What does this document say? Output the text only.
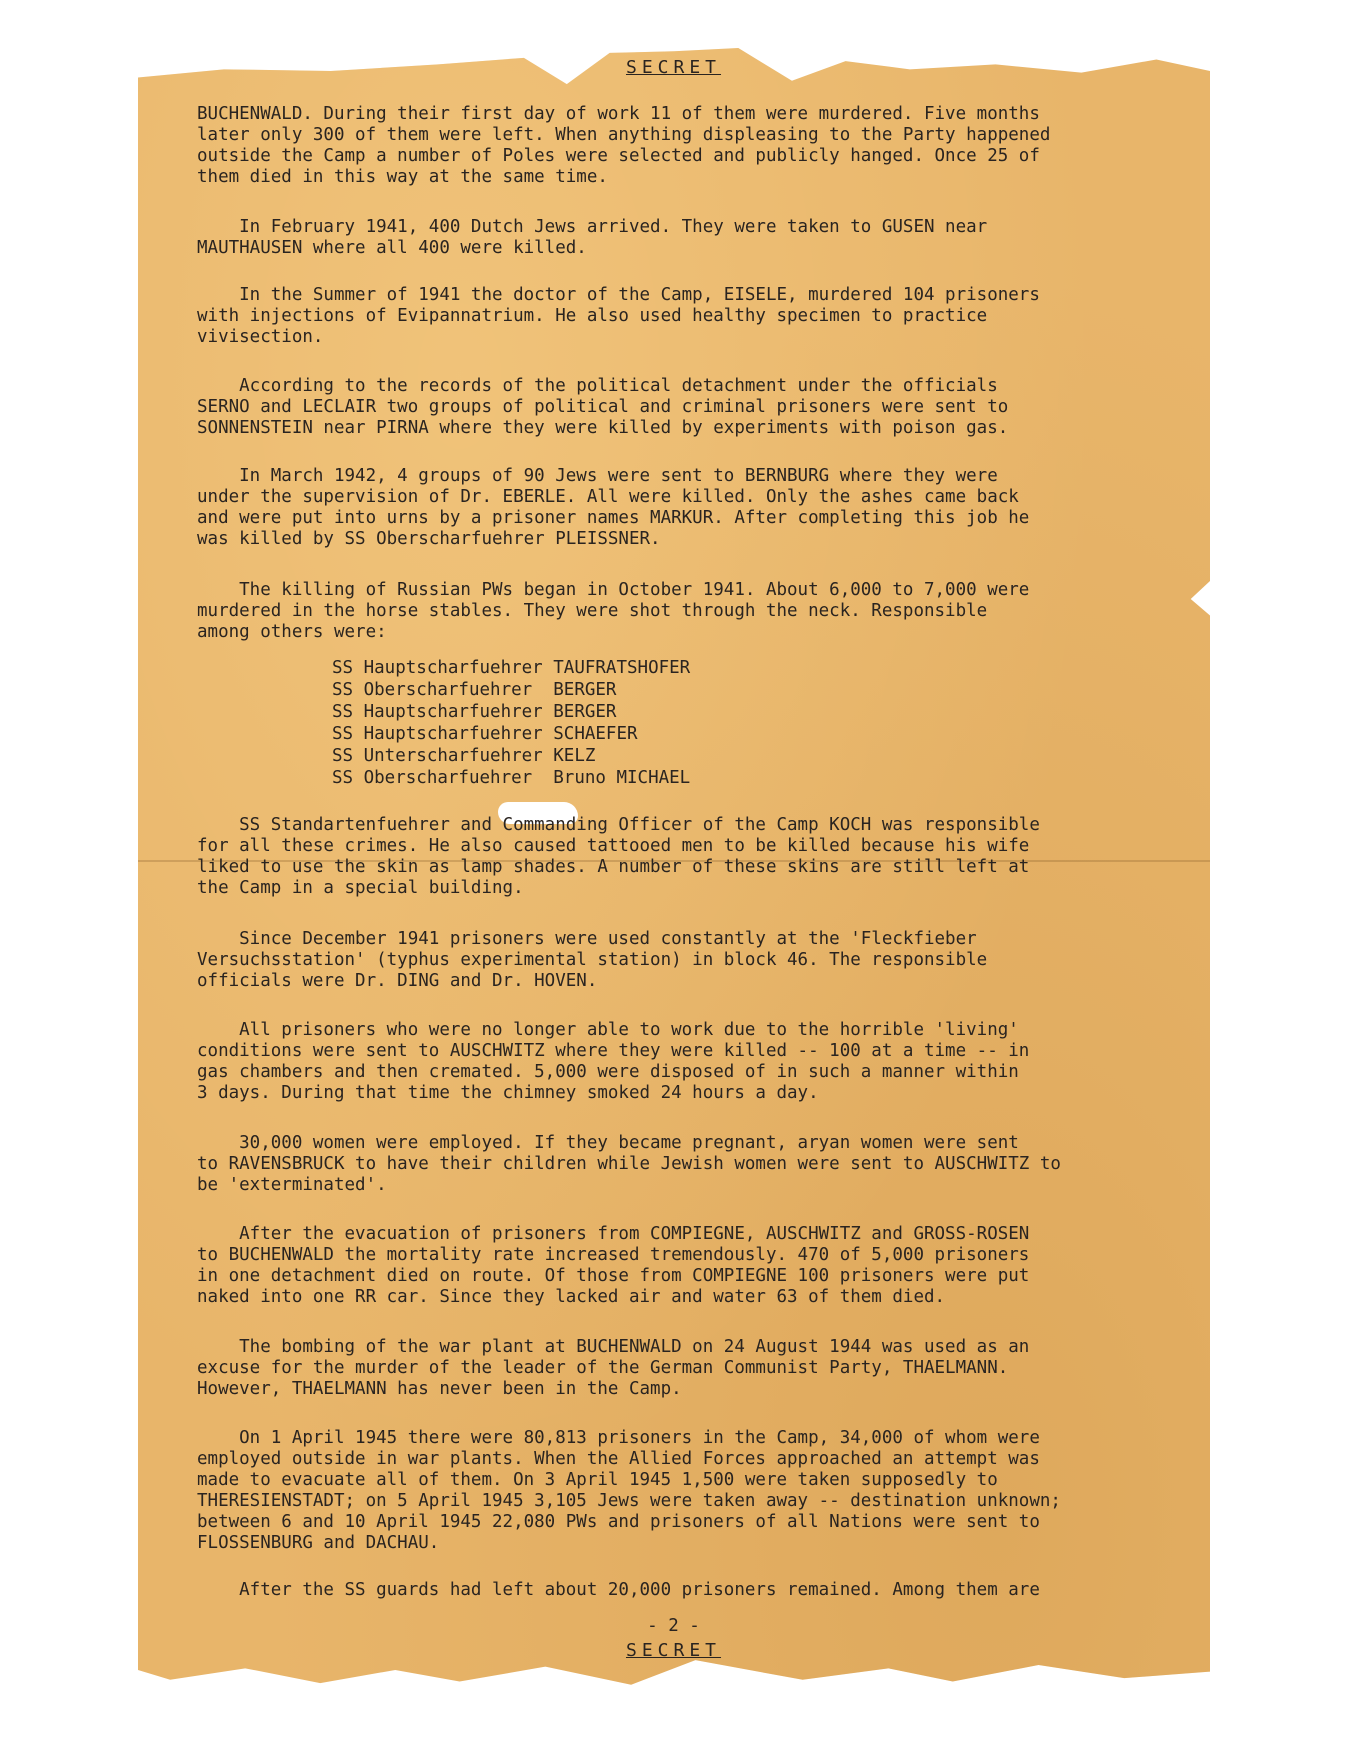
SECRET
BUCHENWALD. During their first day of work 11 of them were murdered. Five months
later only 300 of them were left. When anything displeasing to the Party happened
outside the Camp a number of Poles were selected and publicly hanged. Once 25 of
them died in this way at the same time.
In February 1941, 400 Dutch Jews arrived. They were taken to GUSEN near
MAUTHAUSEN where all 400 were killed.
In the Summer of 1941 the doctor of the Camp, EISELE, murdered 104 prisoners
with injections of Evipannatrium. He also used healthy specimen to practice
vivisection.
According to the records of the political detachment under the officials
SERNO and LECLAIR two groups of political and criminal prisoners were sent to
SONNENSTEIN near PIRNA where they were killed by experiments with poison gas.
In March 1942, 4 groups of 90 Jews were sent to BERNBURG where they were
under the supervision of Dr. EBERLE. All were killed. Only the ashes came back
and were put into urns by a prisoner names MARKUR. After completing this job he
was killed by SS Oberscharfuehrer PLEISSNER.
The killing of Russian PWs began in October 1941. About 6,000 to 7,000 were
murdered in the horse stables. They were shot through the neck. Responsible
among others were:
SS Hauptscharfuehrer TAUFRATSHOFER
SS Oberscharfuehrer  BERGER
SS Hauptscharfuehrer BERGER
SS Hauptscharfuehrer SCHAEFER
SS Unterscharfuehrer KELZ
SS Oberscharfuehrer  Bruno MICHAEL
SS Standartenfuehrer and Commanding Officer of the Camp KOCH was responsible
for all these crimes. He also caused tattooed men to be killed because his wife
liked to use the skin as lamp shades. A number of these skins are still left at
the Camp in a special building.
Since December 1941 prisoners were used constantly at the 'Fleckfieber
Versuchsstation' (typhus experimental station) in block 46. The responsible
officials were Dr. DING and Dr. HOVEN.
All prisoners who were no longer able to work due to the horrible 'living'
conditions were sent to AUSCHWITZ where they were killed -- 100 at a time -- in
gas chambers and then cremated. 5,000 were disposed of in such a manner within
3 days. During that time the chimney smoked 24 hours a day.
30,000 women were employed. If they became pregnant, aryan women were sent
to RAVENSBRUCK to have their children while Jewish women were sent to AUSCHWITZ to
be 'exterminated'.
After the evacuation of prisoners from COMPIEGNE, AUSCHWITZ and GROSS-ROSEN
to BUCHENWALD the mortality rate increased tremendously. 470 of 5,000 prisoners
in one detachment died on route. Of those from COMPIEGNE 100 prisoners were put
naked into one RR car. Since they lacked air and water 63 of them died.
The bombing of the war plant at BUCHENWALD on 24 August 1944 was used as an
excuse for the murder of the leader of the German Communist Party, THAELMANN.
However, THAELMANN has never been in the Camp.
On 1 April 1945 there were 80,813 prisoners in the Camp, 34,000 of whom were
employed outside in war plants. When the Allied Forces approached an attempt was
made to evacuate all of them. On 3 April 1945 1,500 were taken supposedly to
THERESIENSTADT; on 5 April 1945 3,105 Jews were taken away -- destination unknown;
between 6 and 10 April 1945 22,080 PWs and prisoners of all Nations were sent to
FLOSSENBURG and DACHAU.
After the SS guards had left about 20,000 prisoners remained. Among them are
- 2 -
SECRET
